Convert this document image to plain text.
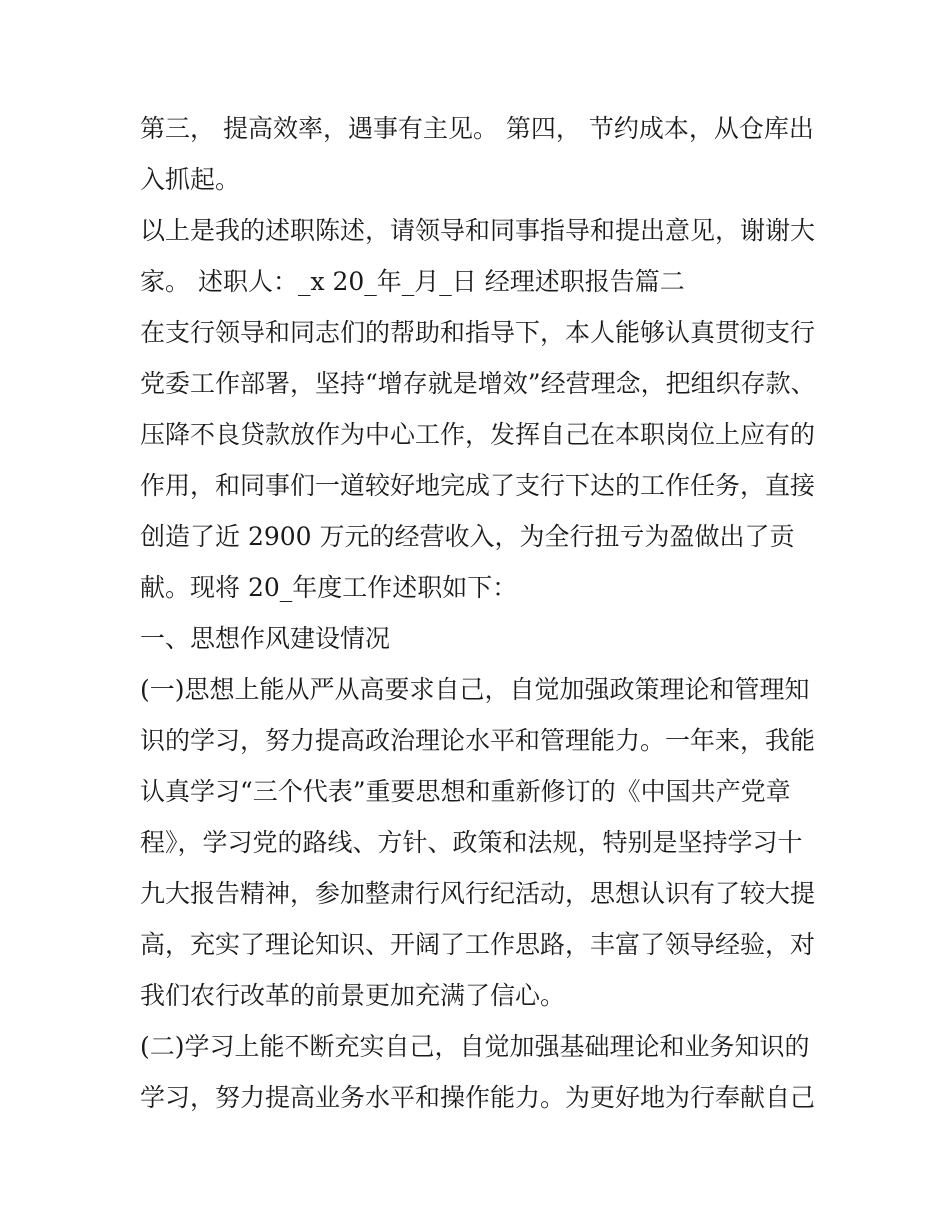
第三， 提高效率，遇事有主见。 第四， 节约成本，从仓库出
入抓起。
以上是我的述职陈述，请领导和同事指导和提出意见，谢谢大
家。 述职人：_x 20_年_月_日 经理述职报告篇二
在支行领导和同志们的帮助和指导下，本人能够认真贯彻支行
党委工作部署，坚持“增存就是增效”经营理念，把组织存款、
压降不良贷款放作为中心工作，发挥自己在本职岗位上应有的
作用，和同事们一道较好地完成了支行下达的工作任务，直接
创造了近 2900 万元的经营收入，为全行扭亏为盈做出了贡
献。现将 20_年度工作述职如下：
一、思想作风建设情况
(一)思想上能从严从高要求自己，自觉加强政策理论和管理知
识的学习，努力提高政治理论水平和管理能力。一年来，我能
认真学习“三个代表”重要思想和重新修订的《中国共产党章
程》，学习党的路线、方针、政策和法规，特别是坚持学习十
九大报告精神，参加整肃行风行纪活动，思想认识有了较大提
高，充实了理论知识、开阔了工作思路，丰富了领导经验，对
我们农行改革的前景更加充满了信心。
(二)学习上能不断充实自己，自觉加强基础理论和业务知识的
学习，努力提高业务水平和操作能力。为更好地为行奉献自己
